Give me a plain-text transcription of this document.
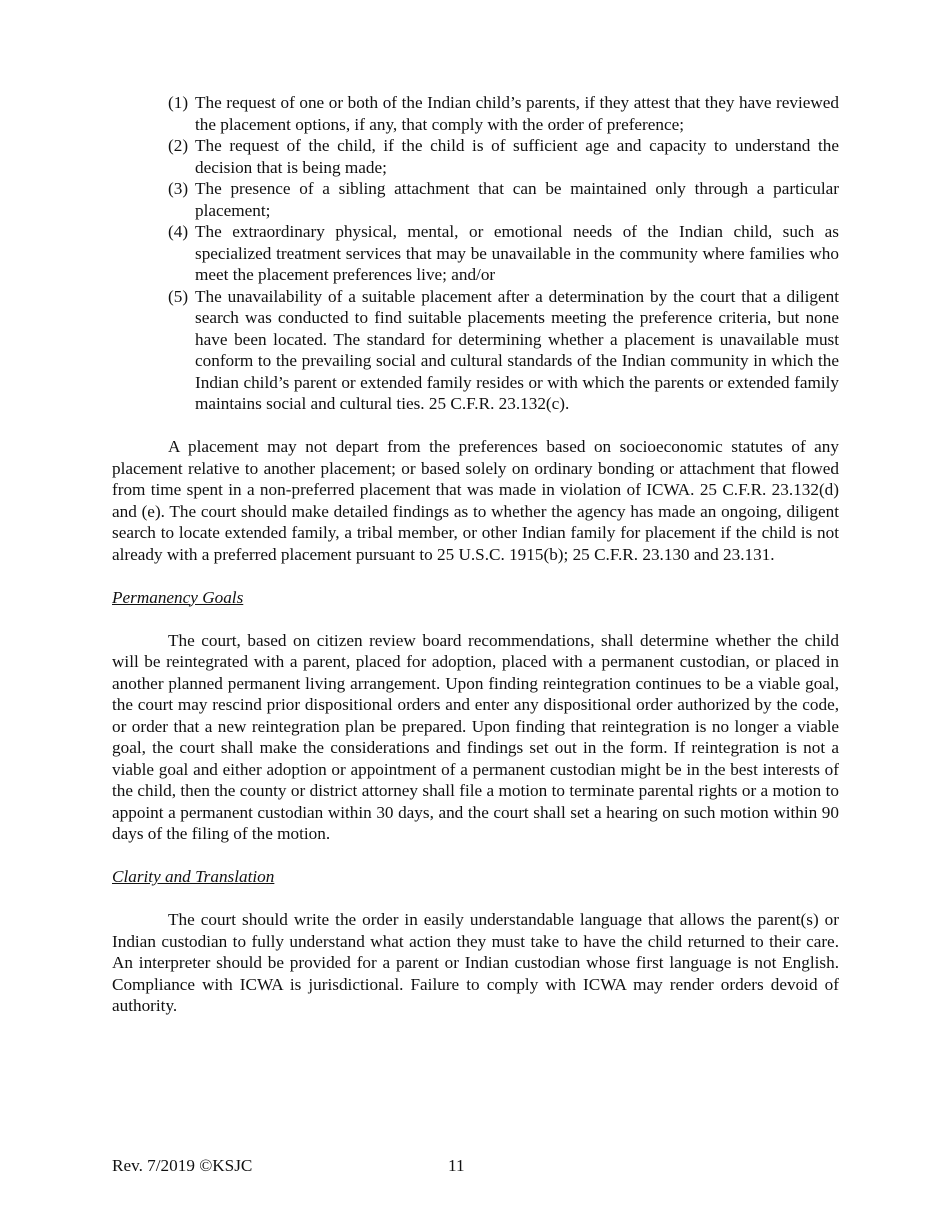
(1) The request of one or both of the Indian child’s parents, if they attest that they have reviewed the placement options, if any, that comply with the order of preference;
(2) The request of the child, if the child is of sufficient age and capacity to understand the decision that is being made;
(3) The presence of a sibling attachment that can be maintained only through a particular placement;
(4) The extraordinary physical, mental, or emotional needs of the Indian child, such as specialized treatment services that may be unavailable in the community where families who meet the placement preferences live; and/or
(5) The unavailability of a suitable placement after a determination by the court that a diligent search was conducted to find suitable placements meeting the preference criteria, but none have been located. The standard for determining whether a placement is unavailable must conform to the prevailing social and cultural standards of the Indian community in which the Indian child’s parent or extended family resides or with which the parents or extended family maintains social and cultural ties. 25 C.F.R. 23.132(c).

A placement may not depart from the preferences based on socioeconomic statutes of any placement relative to another placement; or based solely on ordinary bonding or attachment that flowed from time spent in a non-preferred placement that was made in violation of ICWA. 25 C.F.R. 23.132(d) and (e). The court should make detailed findings as to whether the agency has made an ongoing, diligent search to locate extended family, a tribal member, or other Indian family for placement if the child is not already with a preferred placement pursuant to 25 U.S.C. 1915(b); 25 C.F.R. 23.130 and 23.131.

Permanency Goals

The court, based on citizen review board recommendations, shall determine whether the child will be reintegrated with a parent, placed for adoption, placed with a permanent custodian, or placed in another planned permanent living arrangement. Upon finding reintegration continues to be a viable goal, the court may rescind prior dispositional orders and enter any dispositional order authorized by the code, or order that a new reintegration plan be prepared. Upon finding that reintegration is no longer a viable goal, the court shall make the considerations and findings set out in the form. If reintegration is not a viable goal and either adoption or appointment of a permanent custodian might be in the best interests of the child, then the county or district attorney shall file a motion to terminate parental rights or a motion to appoint a permanent custodian within 30 days, and the court shall set a hearing on such motion within 90 days of the filing of the motion.

Clarity and Translation

The court should write the order in easily understandable language that allows the parent(s) or Indian custodian to fully understand what action they must take to have the child returned to their care. An interpreter should be provided for a parent or Indian custodian whose first language is not English. Compliance with ICWA is jurisdictional. Failure to comply with ICWA may render orders devoid of authority.

Rev. 7/2019 ©KSJC	11
